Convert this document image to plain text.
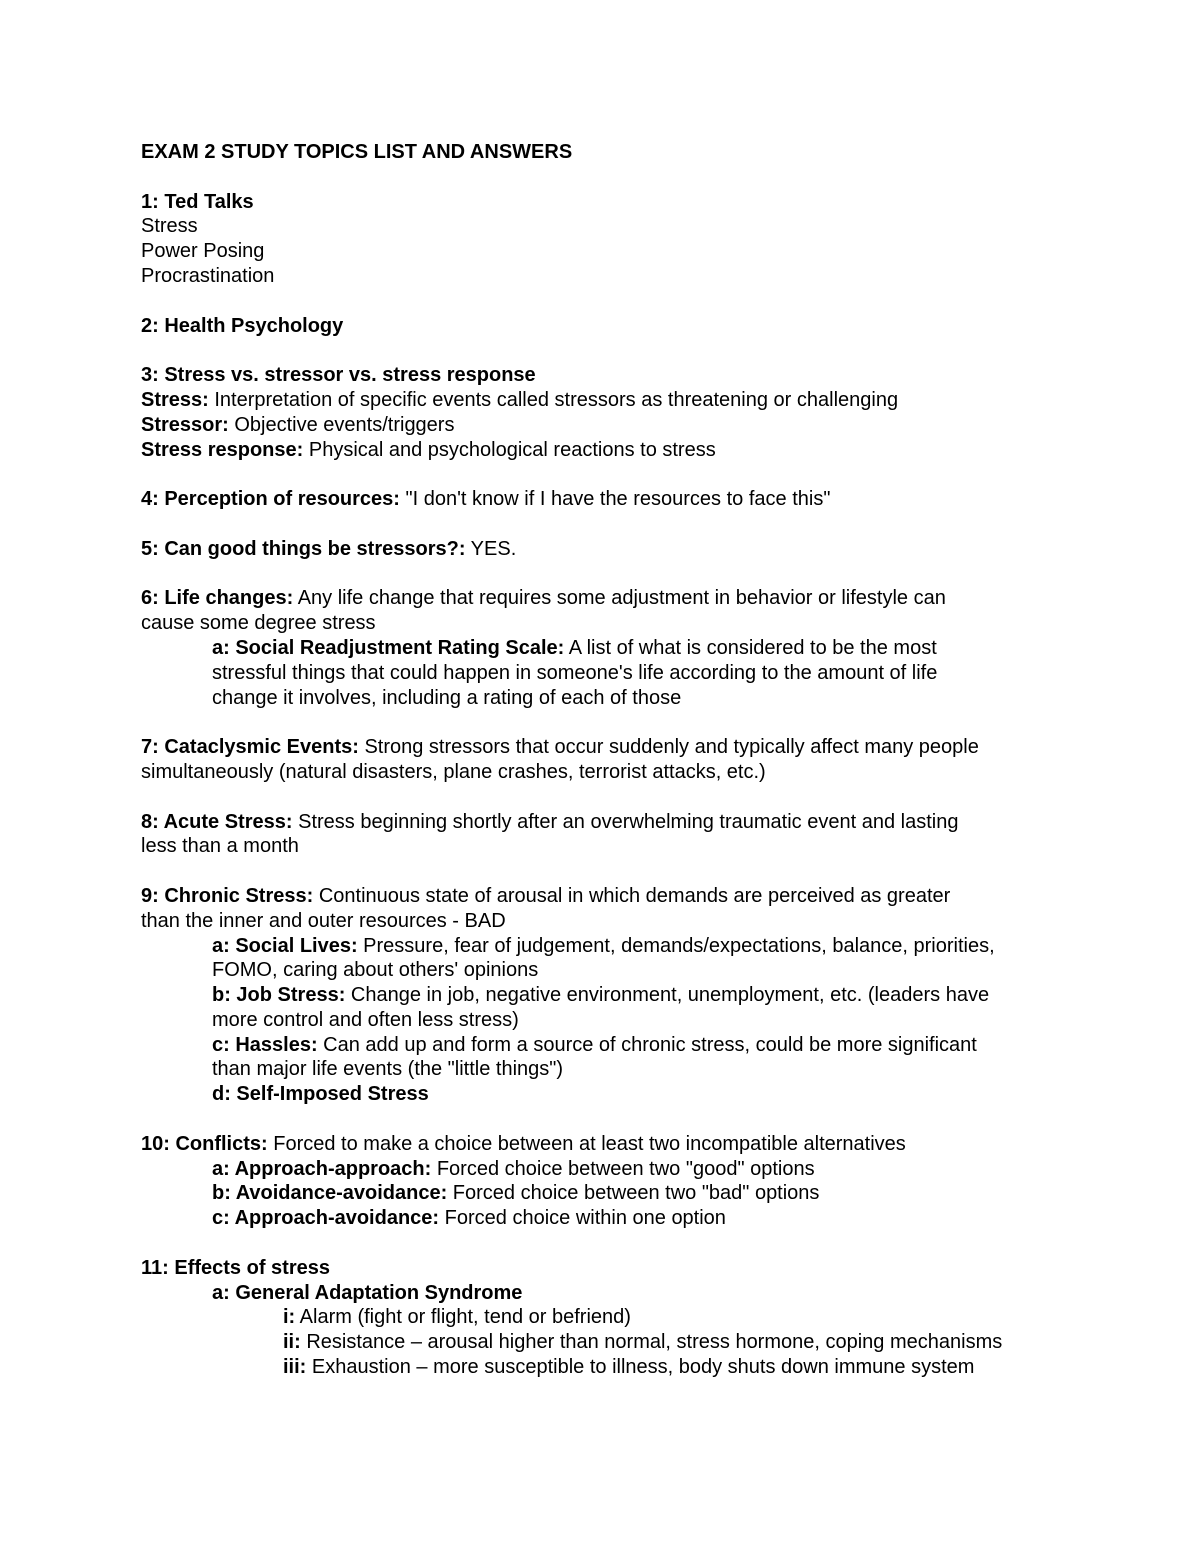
EXAM 2 STUDY TOPICS LIST AND ANSWERS
1: Ted Talks
Stress
Power Posing
Procrastination
2: Health Psychology
3: Stress vs. stressor vs. stress response
Stress: Interpretation of specific events called stressors as threatening or challenging
Stressor: Objective events/triggers
Stress response: Physical and psychological reactions to stress
4: Perception of resources: "I don't know if I have the resources to face this"
5: Can good things be stressors?: YES.
6: Life changes: Any life change that requires some adjustment in behavior or lifestyle can
cause some degree stress
a: Social Readjustment Rating Scale: A list of what is considered to be the most
stressful things that could happen in someone's life according to the amount of life
change it involves, including a rating of each of those
7: Cataclysmic Events: Strong stressors that occur suddenly and typically affect many people
simultaneously (natural disasters, plane crashes, terrorist attacks, etc.)
8: Acute Stress: Stress beginning shortly after an overwhelming traumatic event and lasting
less than a month
9: Chronic Stress: Continuous state of arousal in which demands are perceived as greater
than the inner and outer resources - BAD
a: Social Lives: Pressure, fear of judgement, demands/expectations, balance, priorities,
FOMO, caring about others' opinions
b: Job Stress: Change in job, negative environment, unemployment, etc. (leaders have
more control and often less stress)
c: Hassles: Can add up and form a source of chronic stress, could be more significant
than major life events (the "little things")
d: Self-Imposed Stress
10: Conflicts: Forced to make a choice between at least two incompatible alternatives
a: Approach-approach: Forced choice between two "good" options
b: Avoidance-avoidance: Forced choice between two "bad" options
c: Approach-avoidance: Forced choice within one option
11: Effects of stress
a: General Adaptation Syndrome
i: Alarm (fight or flight, tend or befriend)
ii: Resistance – arousal higher than normal, stress hormone, coping mechanisms
iii: Exhaustion – more susceptible to illness, body shuts down immune system
